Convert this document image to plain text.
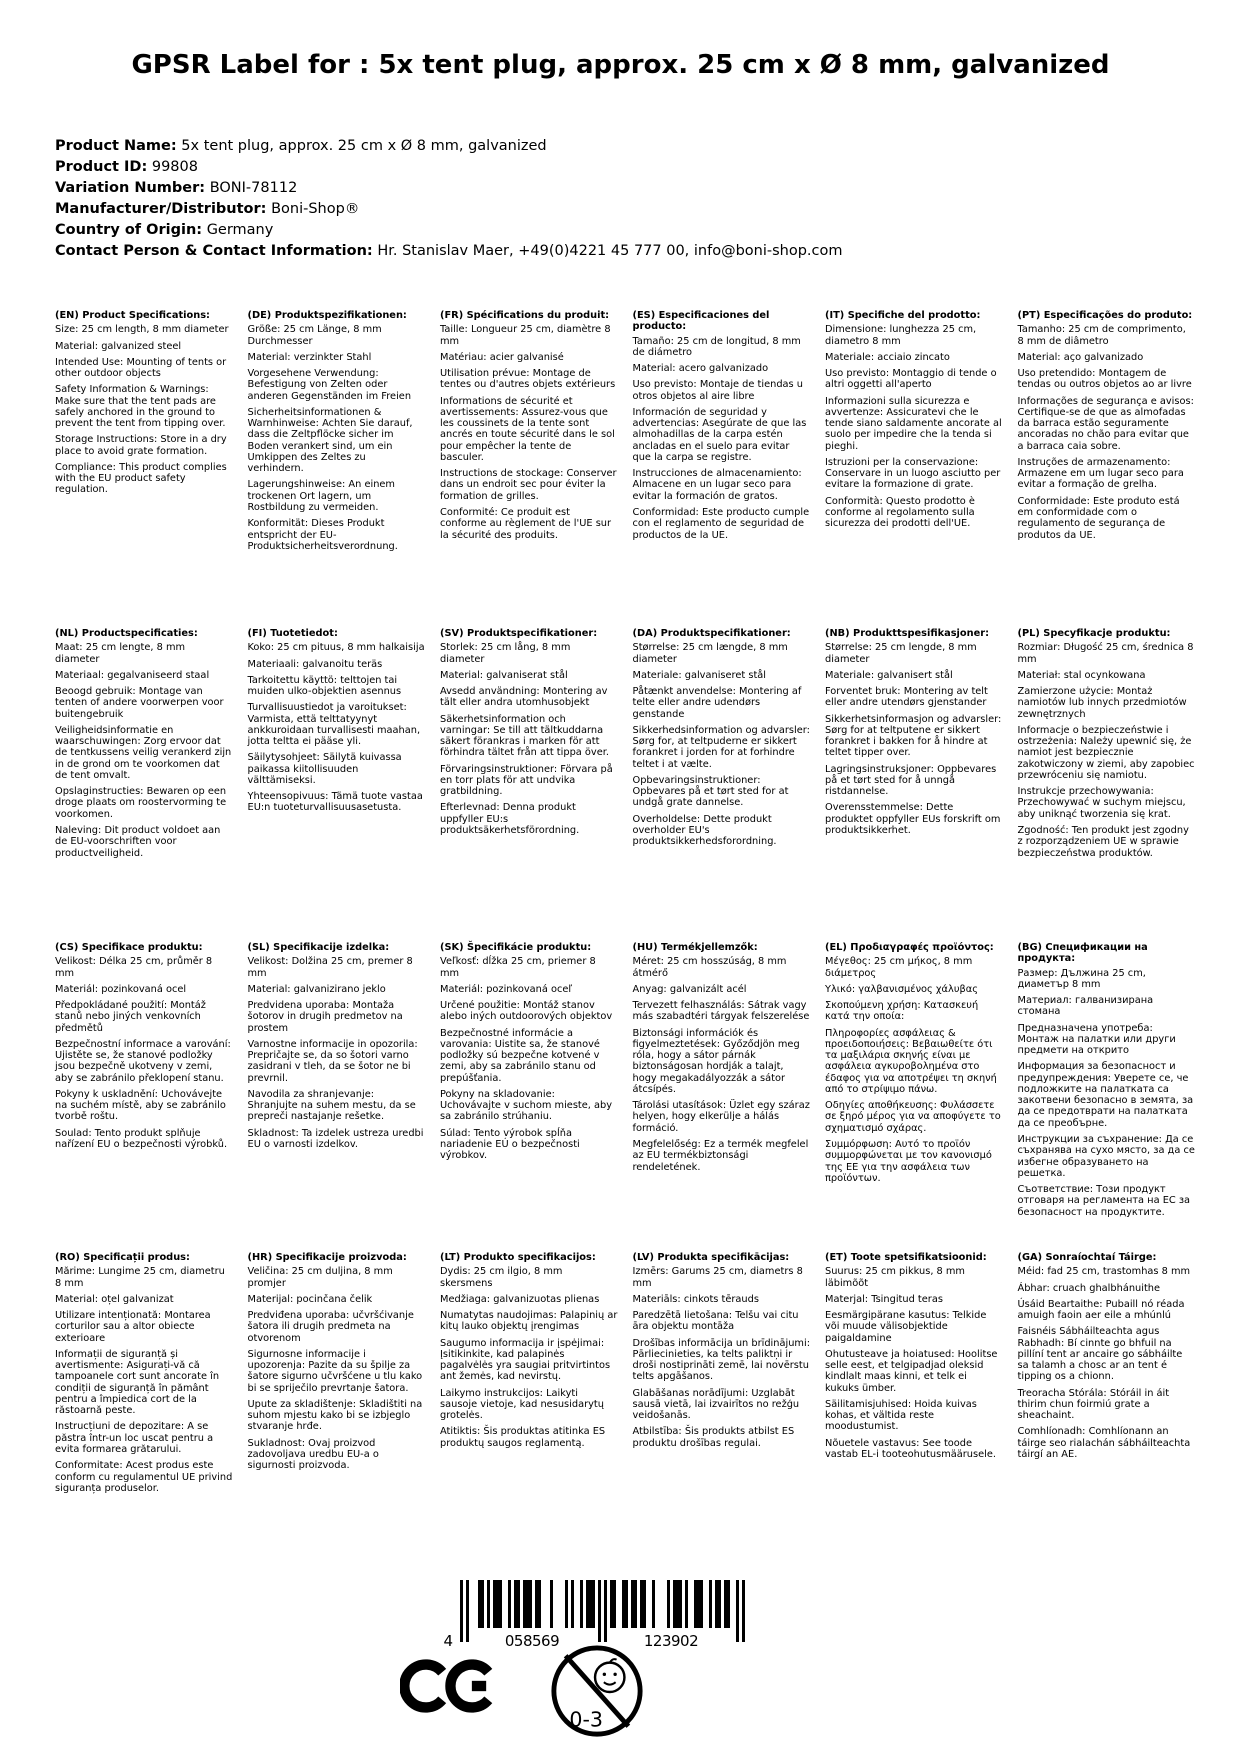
GPSR Label for : 5x tent plug, approx. 25 cm x Ø 8 mm, galvanized
Product Name: 5x tent plug, approx. 25 cm x Ø 8 mm, galvanized
Product ID: 99808
Variation Number: BONI-78112
Manufacturer/Distributor: Boni-Shop®
Country of Origin: Germany
Contact Person & Contact Information: Hr. Stanislav Maer, +49(0)4221 45 777 00, info@boni-shop.com
(EN) Product Specifications:

Size: 25 cm length, 8 mm diameter

Material: galvanized steel

Intended Use: Mounting of tents or other outdoor objects

Safety Information & Warnings: Make sure that the tent pads are safely anchored in the ground to prevent the tent from tipping over.

Storage Instructions: Store in a dry place to avoid grate formation.

Compliance: This product complies with the EU product safety regulation.

(DE) Produktspezifikationen:

Größe: 25 cm Länge, 8 mm Durchmesser

Material: verzinkter Stahl

Vorgesehene Verwendung: Befestigung von Zelten oder anderen Gegenständen im Freien

Sicherheitsinformationen & Warnhinweise: Achten Sie darauf, dass die Zeltpflöcke sicher im Boden verankert sind, um ein Umkippen des Zeltes zu verhindern.

Lagerungshinweise: An einem trockenen Ort lagern, um Rostbildung zu vermeiden.

Konformität: Dieses Produkt entspricht der EU-Produktsicherheitsverordnung.

(FR) Spécifications du produit:

Taille: Longueur 25 cm, diamètre 8 mm

Matériau: acier galvanisé

Utilisation prévue: Montage de tentes ou d'autres objets extérieurs

Informations de sécurité et avertissements: Assurez-vous que les coussinets de la tente sont ancrés en toute sécurité dans le sol pour empêcher la tente de basculer.

Instructions de stockage: Conserver dans un endroit sec pour éviter la formation de grilles.

Conformité: Ce produit est conforme au règlement de l'UE sur la sécurité des produits.

(ES) Especificaciones del producto:

Tamaño: 25 cm de longitud, 8 mm de diámetro

Material: acero galvanizado

Uso previsto: Montaje de tiendas u otros objetos al aire libre

Información de seguridad y advertencias: Asegúrate de que las almohadillas de la carpa estén ancladas en el suelo para evitar que la carpa se registre.

Instrucciones de almacenamiento: Almacene en un lugar seco para evitar la formación de gratos.

Conformidad: Este producto cumple con el reglamento de seguridad de productos de la UE.

(IT) Specifiche del prodotto:

Dimensione: lunghezza 25 cm, diametro 8 mm

Materiale: acciaio zincato

Uso previsto: Montaggio di tende o altri oggetti all'aperto

Informazioni sulla sicurezza e avvertenze: Assicuratevi che le tende siano saldamente ancorate al suolo per impedire che la tenda si pieghi.

Istruzioni per la conservazione: Conservare in un luogo asciutto per evitare la formazione di grate.

Conformità: Questo prodotto è conforme al regolamento sulla sicurezza dei prodotti dell'UE.

(PT) Especificações do produto:

Tamanho: 25 cm de comprimento, 8 mm de diâmetro

Material: aço galvanizado

Uso pretendido: Montagem de tendas ou outros objetos ao ar livre

Informações de segurança e avisos: Certifique-se de que as almofadas da barraca estão seguramente ancoradas no chão para evitar que a barraca caia sobre.

Instruções de armazenamento: Armazene em um lugar seco para evitar a formação de grelha.

Conformidade: Este produto está em conformidade com o regulamento de segurança de produtos da UE.

(NL) Productspecificaties:

Maat: 25 cm lengte, 8 mm diameter

Materiaal: gegalvaniseerd staal

Beoogd gebruik: Montage van tenten of andere voorwerpen voor buitengebruik

Veiligheidsinformatie en waarschuwingen: Zorg ervoor dat de tentkussens veilig verankerd zijn in de grond om te voorkomen dat de tent omvalt.

Opslaginstructies: Bewaren op een droge plaats om roostervorming te voorkomen.

Naleving: Dit product voldoet aan de EU-voorschriften voor productveiligheid.

(FI) Tuotetiedot:

Koko: 25 cm pituus, 8 mm halkaisija

Materiaali: galvanoitu teräs

Tarkoitettu käyttö: telttojen tai muiden ulko-objektien asennus

Turvallisuustiedot ja varoitukset: Varmista, että telttatyynyt ankkuroidaan turvallisesti maahan, jotta teltta ei pääse yli.

Säilytysohjeet: Säilytä kuivassa paikassa kiitollisuuden välttämiseksi.

Yhteensopivuus: Tämä tuote vastaa EU:n tuoteturvallisuusasetusta.

(SV) Produktspecifikationer:

Storlek: 25 cm lång, 8 mm diameter

Material: galvaniserat stål

Avsedd användning: Montering av tält eller andra utomhusobjekt

Säkerhetsinformation och varningar: Se till att tältkuddarna säkert förankras i marken för att förhindra tältet från att tippa över.

Förvaringsinstruktioner: Förvara på en torr plats för att undvika gratbildning.

Efterlevnad: Denna produkt uppfyller EU:s produktsäkerhetsförordning.

(DA) Produktspecifikationer:

Størrelse: 25 cm længde, 8 mm diameter

Materiale: galvaniseret stål

Påtænkt anvendelse: Montering af telte eller andre udendørs genstande

Sikkerhedsinformation og advarsler: Sørg for, at teltpuderne er sikkert forankret i jorden for at forhindre teltet i at vælte.

Opbevaringsinstruktioner: Opbevares på et tørt sted for at undgå grate dannelse.

Overholdelse: Dette produkt overholder EU's produktsikkerhedsforordning.

(NB) Produkttspesifikasjoner:

Størrelse: 25 cm lengde, 8 mm diameter

Materiale: galvanisert stål

Forventet bruk: Montering av telt eller andre utendørs gjenstander

Sikkerhetsinformasjon og advarsler: Sørg for at teltputene er sikkert forankret i bakken for å hindre at teltet tipper over.

Lagringsinstruksjoner: Oppbevares på et tørt sted for å unngå ristdannelse.

Overensstemmelse: Dette produktet oppfyller EUs forskrift om produktsikkerhet.

(PL) Specyfikacje produktu:

Rozmiar: Długość 25 cm, średnica 8 mm

Materiał: stal ocynkowana

Zamierzone użycie: Montaż namiotów lub innych przedmiotów zewnętrznych

Informacje o bezpieczeństwie i ostrzeżenia: Należy upewnić się, że namiot jest bezpiecznie zakotwiczony w ziemi, aby zapobiec przewróceniu się namiotu.

Instrukcje przechowywania: Przechowywać w suchym miejscu, aby uniknąć tworzenia się krat.

Zgodność: Ten produkt jest zgodny z rozporządzeniem UE w sprawie bezpieczeństwa produktów.

(CS) Specifikace produktu:

Velikost: Délka 25 cm, průměr 8 mm

Materiál: pozinkovaná ocel

Předpokládané použití: Montáž stanů nebo jiných venkovních předmětů

Bezpečnostní informace a varování: Ujistěte se, že stanové podložky jsou bezpečně ukotveny v zemi, aby se zabránilo překlopení stanu.

Pokyny k uskladnění: Uchovávejte na suchém místě, aby se zabránilo tvorbě roštu.

Soulad: Tento produkt splňuje nařízení EU o bezpečnosti výrobků.

(SL) Specifikacije izdelka:

Velikost: Dolžina 25 cm, premer 8 mm

Material: galvanizirano jeklo

Predvidena uporaba: Montaža šotorov in drugih predmetov na prostem

Varnostne informacije in opozorila: Prepričajte se, da so šotori varno zasidrani v tleh, da se šotor ne bi prevrnil.

Navodila za shranjevanje: Shranjujte na suhem mestu, da se prepreči nastajanje rešetke.

Skladnost: Ta izdelek ustreza uredbi EU o varnosti izdelkov.

(SK) Špecifikácie produktu:

Veľkosť: dĺžka 25 cm, priemer 8 mm

Materiál: pozinkovaná oceľ

Určené použitie: Montáž stanov alebo iných outdoorových objektov

Bezpečnostné informácie a varovania: Uistite sa, že stanové podložky sú bezpečne kotvené v zemi, aby sa zabránilo stanu od prepúšťania.

Pokyny na skladovanie: Uchovávajte v suchom mieste, aby sa zabránilo strúhaniu.

Súlad: Tento výrobok spĺňa nariadenie EÚ o bezpečnosti výrobkov.

(HU) Termékjellemzők:

Méret: 25 cm hosszúság, 8 mm átmérő

Anyag: galvanizált acél

Tervezett felhasználás: Sátrak vagy más szabadtéri tárgyak felszerelése

Biztonsági információk és figyelmeztetések: Győződjön meg róla, hogy a sátor párnák biztonságosan hordják a talajt, hogy megakadályozzák a sátor átcsípés.

Tárolási utasítások: Üzlet egy száraz helyen, hogy elkerülje a hálás formáció.

Megfelelőség: Ez a termék megfelel az EU termékbiztonsági rendeletének.

(EL) Προδιαγραφές προϊόντος:

Μέγεθος: 25 cm μήκος, 8 mm διάμετρος

Υλικό: γαλβανισμένος χάλυβας

Σκοπούμενη χρήση: Κατασκευή κατά την οποία:

Πληροφορίες ασφάλειας & προειδοποιήσεις: Βεβαιωθείτε ότι τα μαξιλάρια σκηνής είναι με ασφάλεια αγκυροβολημένα στο έδαφος για να αποτρέψει τη σκηνή από το στρίψιμο πάνω.

Οδηγίες αποθήκευσης: Φυλάσσετε σε ξηρό μέρος για να αποφύγετε το σχηματισμό σχάρας.

Συμμόρφωση: Αυτό το προϊόν συμμορφώνεται με τον κανονισμό της ΕΕ για την ασφάλεια των προϊόντων.

(BG) Спецификации на продукта:

Размер: Дължина 25 cm, диаметър 8 mm

Материал: галванизирана стомана

Предназначена употреба: Монтаж на палатки или други предмети на открито

Информация за безопасност и предупреждения: Уверете се, че подложките на палатката са закотвени безопасно в земята, за да се предотврати на палатката да се преобърне.

Инструкции за съхранение: Да се съхранява на сухо място, за да се избегне образуването на решетка.

Съответствие: Този продукт отговаря на регламента на ЕС за безопасност на продуктите.

(RO) Specificații produs:

Mărime: Lungime 25 cm, diametru 8 mm

Material: oțel galvanizat

Utilizare intenționată: Montarea corturilor sau a altor obiecte exterioare

Informații de siguranță și avertismente: Asigurați-vă că tampoanele cort sunt ancorate în condiții de siguranță în pământ pentru a împiedica cort de la răstoarnă peste.

Instrucțiuni de depozitare: A se păstra într-un loc uscat pentru a evita formarea grătarului.

Conformitate: Acest produs este conform cu regulamentul UE privind siguranța produselor.

(HR) Specifikacije proizvoda:

Veličina: 25 cm duljina, 8 mm promjer

Materijal: pocinčana čelik

Predviđena uporaba: učvršćivanje šatora ili drugih predmeta na otvorenom

Sigurnosne informacije i upozorenja: Pazite da su špilje za šatore sigurno učvršćene u tlu kako bi se spriječilo prevrtanje šatora.

Upute za skladištenje: Skladištiti na suhom mjestu kako bi se izbjeglo stvaranje hrđe.

Sukladnost: Ovaj proizvod zadovoljava uredbu EU-a o sigurnosti proizvoda.

(LT) Produkto specifikacijos:

Dydis: 25 cm ilgio, 8 mm skersmens

Medžiaga: galvanizuotas plienas

Numatytas naudojimas: Palapinių ar kitų lauko objektų įrengimas

Saugumo informacija ir įspėjimai: Įsitikinkite, kad palapinės pagalvėlės yra saugiai pritvirtintos ant žemės, kad nevirstų.

Laikymo instrukcijos: Laikyti sausoje vietoje, kad nesusidarytų grotelės.

Atitiktis: Šis produktas atitinka ES produktų saugos reglamentą.

(LV) Produkta specifikācijas:

Izmērs: Garums 25 cm, diametrs 8 mm

Materiāls: cinkots tērauds

Paredzētā lietošana: Telšu vai citu āra objektu montāža

Drošības informācija un brīdinājumi: Pārliecinieties, ka telts paliktņi ir droši nostiprināti zemē, lai novērstu telts apgāšanos.

Glabāšanas norādījumi: Uzglabāt sausā vietā, lai izvairītos no režģu veidošanās.

Atbilstība: Šis produkts atbilst ES produktu drošības regulai.

(ET) Toote spetsifikatsioonid:

Suurus: 25 cm pikkus, 8 mm läbimõõt

Materjal: Tsingitud teras

Eesmärgipärane kasutus: Telkide või muude välisobjektide paigaldamine

Ohutusteave ja hoiatused: Hoolitse selle eest, et telgipadjad oleksid kindlalt maas kinni, et telk ei kukuks ümber.

Säilitamisjuhised: Hoida kuivas kohas, et vältida reste moodustumist.

Nõuetele vastavus: See toode vastab EL-i tooteohutusmäärusele.

(GA) Sonraíochtaí Táirge:

Méid: fad 25 cm, trastomhas 8 mm

Ábhar: cruach ghalbhánuithe

Úsáid Beartaithe: Pubaill nó réada amuigh faoin aer eile a mhúnlú

Faisnéis Sábháilteachta agus Rabhadh: Bí cinnte go bhfuil na pillíní tent ar ancaire go sábháilte sa talamh a chosc ar an tent é tipping os a chionn.

Treoracha Stórála: Stóráil in áit thirim chun foirmiú grate a sheachaint.

Comhlíonadh: Comhlíonann an táirge seo rialachán sábháilteachta táirgí an AE.

4	058569	123902
0-3
